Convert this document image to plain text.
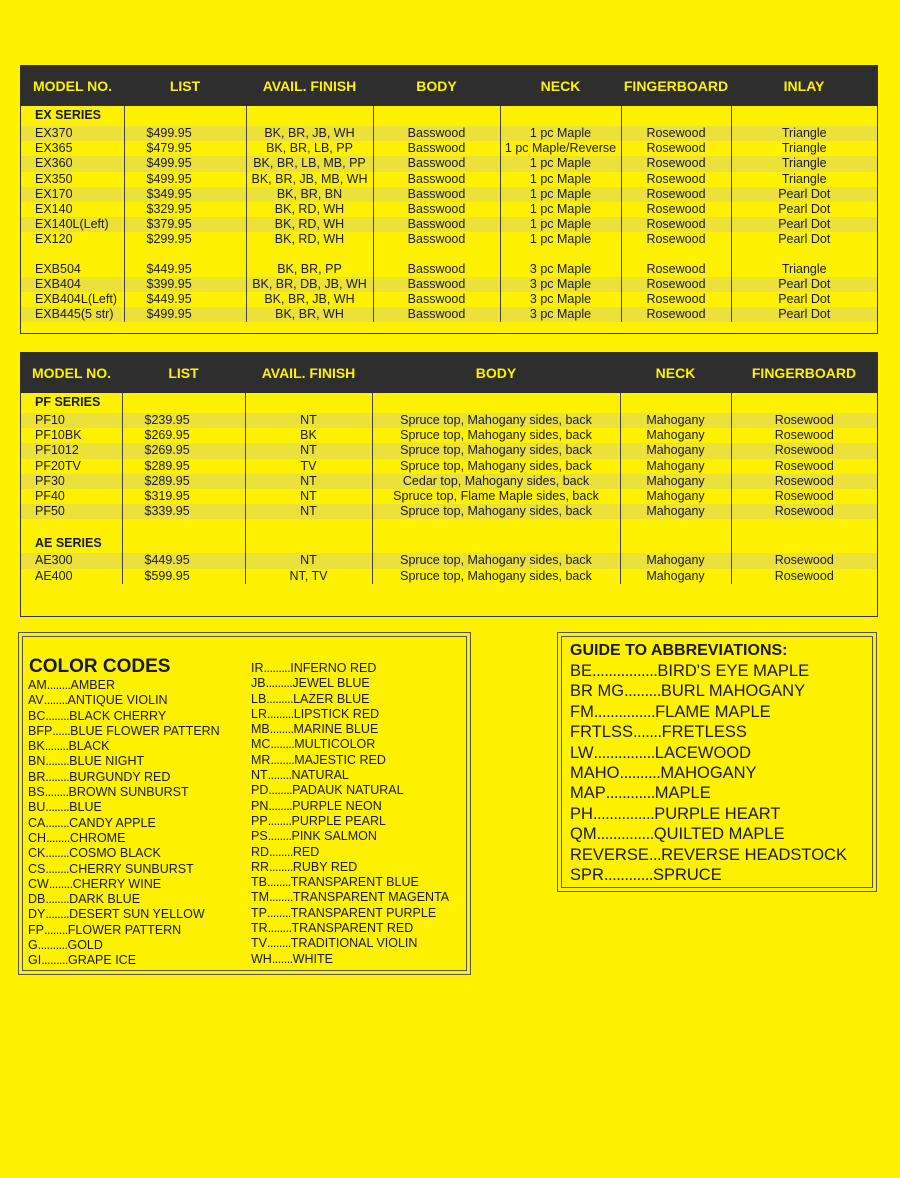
MODEL NO.	LIST	AVAIL. FINISH	BODY	NECK	FINGERBOARD	INLAY
EX SERIES						
EX370	$499.95	BK, BR, JB, WH	Basswood	1 pc Maple	Rosewood	Triangle
EX365	$479.95	BK, BR, LB, PP	Basswood	1 pc Maple/Reverse	Rosewood	Triangle
EX360	$499.95	BK, BR, LB, MB, PP	Basswood	1 pc Maple	Rosewood	Triangle
EX350	$499.95	BK, BR, JB, MB, WH	Basswood	1 pc Maple	Rosewood	Triangle
EX170	$349.95	BK, BR, BN	Basswood	1 pc Maple	Rosewood	Pearl Dot
EX140	$329.95	BK, RD, WH	Basswood	1 pc Maple	Rosewood	Pearl Dot
EX140L(Left)	$379.95	BK, RD, WH	Basswood	1 pc Maple	Rosewood	Pearl Dot
EX120	$299.95	BK, RD, WH	Basswood	1 pc Maple	Rosewood	Pearl Dot

EXB504	$449.95	BK, BR, PP	Basswood	3 pc Maple	Rosewood	Triangle
EXB404	$399.95	BK, BR, DB, JB, WH	Basswood	3 pc Maple	Rosewood	Pearl Dot
EXB404L(Left)	$449.95	BK, BR, JB, WH	Basswood	3 pc Maple	Rosewood	Pearl Dot
EXB445(5 str)	$499.95	BK, BR, WH	Basswood	3 pc Maple	Rosewood	Pearl Dot

MODEL NO.	LIST	AVAIL. FINISH	BODY	NECK	FINGERBOARD
PF SERIES					
PF10	$239.95	NT	Spruce top, Mahogany sides, back	Mahogany	Rosewood
PF10BK	$269.95	BK	Spruce top, Mahogany sides, back	Mahogany	Rosewood
PF1012	$269.95	NT	Spruce top, Mahogany sides, back	Mahogany	Rosewood
PF20TV	$289.95	TV	Spruce top, Mahogany sides, back	Mahogany	Rosewood
PF30	$289.95	NT	Cedar top, Mahogany sides, back	Mahogany	Rosewood
PF40	$319.95	NT	Spruce top, Flame Maple sides, back	Mahogany	Rosewood
PF50	$339.95	NT	Spruce top, Mahogany sides, back	Mahogany	Rosewood

AE SERIES					
AE300	$449.95	NT	Spruce top, Mahogany sides, back	Mahogany	Rosewood
AE400	$599.95	NT, TV	Spruce top, Mahogany sides, back	Mahogany	Rosewood

COLOR CODES
AM........AMBER
AV........ANTIQUE VIOLIN
BC........BLACK CHERRY
BFP......BLUE FLOWER PATTERN
BK........BLACK
BN........BLUE NIGHT
BR........BURGUNDY RED
BS........BROWN SUNBURST
BU........BLUE
CA........CANDY APPLE
CH........CHROME
CK........COSMO BLACK
CS........CHERRY SUNBURST
CW........CHERRY WINE
DB........DARK BLUE
DY........DESERT SUN YELLOW
FP........FLOWER PATTERN
G..........GOLD
GI.........GRAPE ICE
IR.........INFERNO RED
JB.........JEWEL BLUE
LB.........LAZER BLUE
LR.........LIPSTICK RED
MB........MARINE BLUE
MC........MULTICOLOR
MR........MAJESTIC RED
NT........NATURAL
PD........PADAUK NATURAL
PN........PURPLE NEON
PP........PURPLE PEARL
PS........PINK SALMON
RD........RED
RR........RUBY RED
TB........TRANSPARENT BLUE
TM........TRANSPARENT MAGENTA
TP........TRANSPARENT PURPLE
TR........TRANSPARENT RED
TV........TRADITIONAL VIOLIN
WH.......WHITE
GUIDE TO ABBREVIATIONS:
BE................BIRD'S EYE MAPLE
BR MG.........BURL MAHOGANY
FM...............FLAME MAPLE
FRTLSS.......FRETLESS
LW...............LACEWOOD
MAHO..........MAHOGANY
MAP............MAPLE
PH...............PURPLE HEART
QM..............QUILTED MAPLE
REVERSE...REVERSE HEADSTOCK
SPR............SPRUCE
